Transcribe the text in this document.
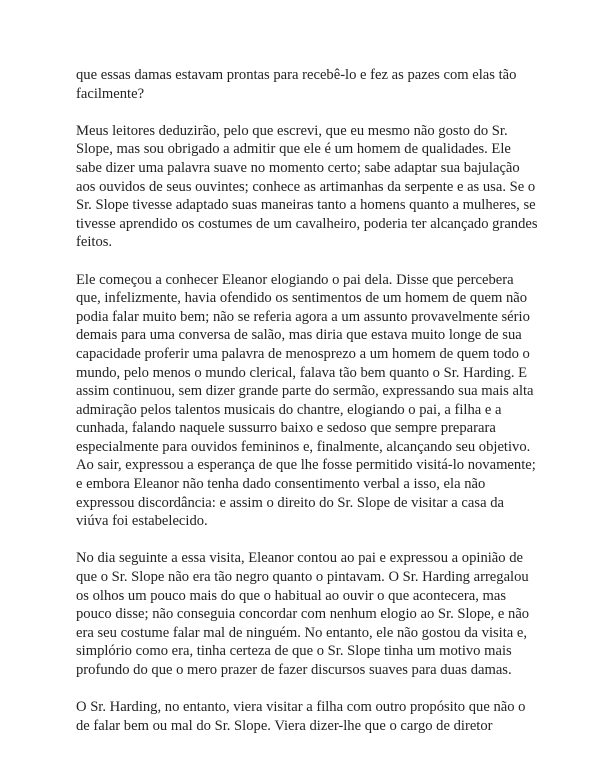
que essas damas estavam prontas para recebê-lo e fez as pazes com elas tão facilmente?

Meus leitores deduzirão, pelo que escrevi, que eu mesmo não gosto do Sr. Slope, mas sou obrigado a admitir que ele é um homem de qualidades. Ele sabe dizer uma palavra suave no momento certo; sabe adaptar sua bajulação aos ouvidos de seus ouvintes; conhece as artimanhas da serpente e as usa. Se o Sr. Slope tivesse adaptado suas maneiras tanto a homens quanto a mulheres, se tivesse aprendido os costumes de um cavalheiro, poderia ter alcançado grandes feitos.

Ele começou a conhecer Eleanor elogiando o pai dela. Disse que percebera que, infelizmente, havia ofendido os sentimentos de um homem de quem não podia falar muito bem; não se referia agora a um assunto provavelmente sério demais para uma conversa de salão, mas diria que estava muito longe de sua capacidade proferir uma palavra de menosprezo a um homem de quem todo o mundo, pelo menos o mundo clerical, falava tão bem quanto o Sr. Harding. E assim continuou, sem dizer grande parte do sermão, expressando sua mais alta admiração pelos talentos musicais do chantre, elogiando o pai, a filha e a cunhada, falando naquele sussurro baixo e sedoso que sempre preparara especialmente para ouvidos femininos e, finalmente, alcançando seu objetivo. Ao sair, expressou a esperança de que lhe fosse permitido visitá-lo novamente; e embora Eleanor não tenha dado consentimento verbal a isso, ela não expressou discordância: e assim o direito do Sr. Slope de visitar a casa da viúva foi estabelecido.

No dia seguinte a essa visita, Eleanor contou ao pai e expressou a opinião de que o Sr. Slope não era tão negro quanto o pintavam. O Sr. Harding arregalou os olhos um pouco mais do que o habitual ao ouvir o que acontecera, mas pouco disse; não conseguia concordar com nenhum elogio ao Sr. Slope, e não era seu costume falar mal de ninguém. No entanto, ele não gostou da visita e, simplório como era, tinha certeza de que o Sr. Slope tinha um motivo mais profundo do que o mero prazer de fazer discursos suaves para duas damas.

O Sr. Harding, no entanto, viera visitar a filha com outro propósito que não o de falar bem ou mal do Sr. Slope. Viera dizer-lhe que o cargo de diretor
